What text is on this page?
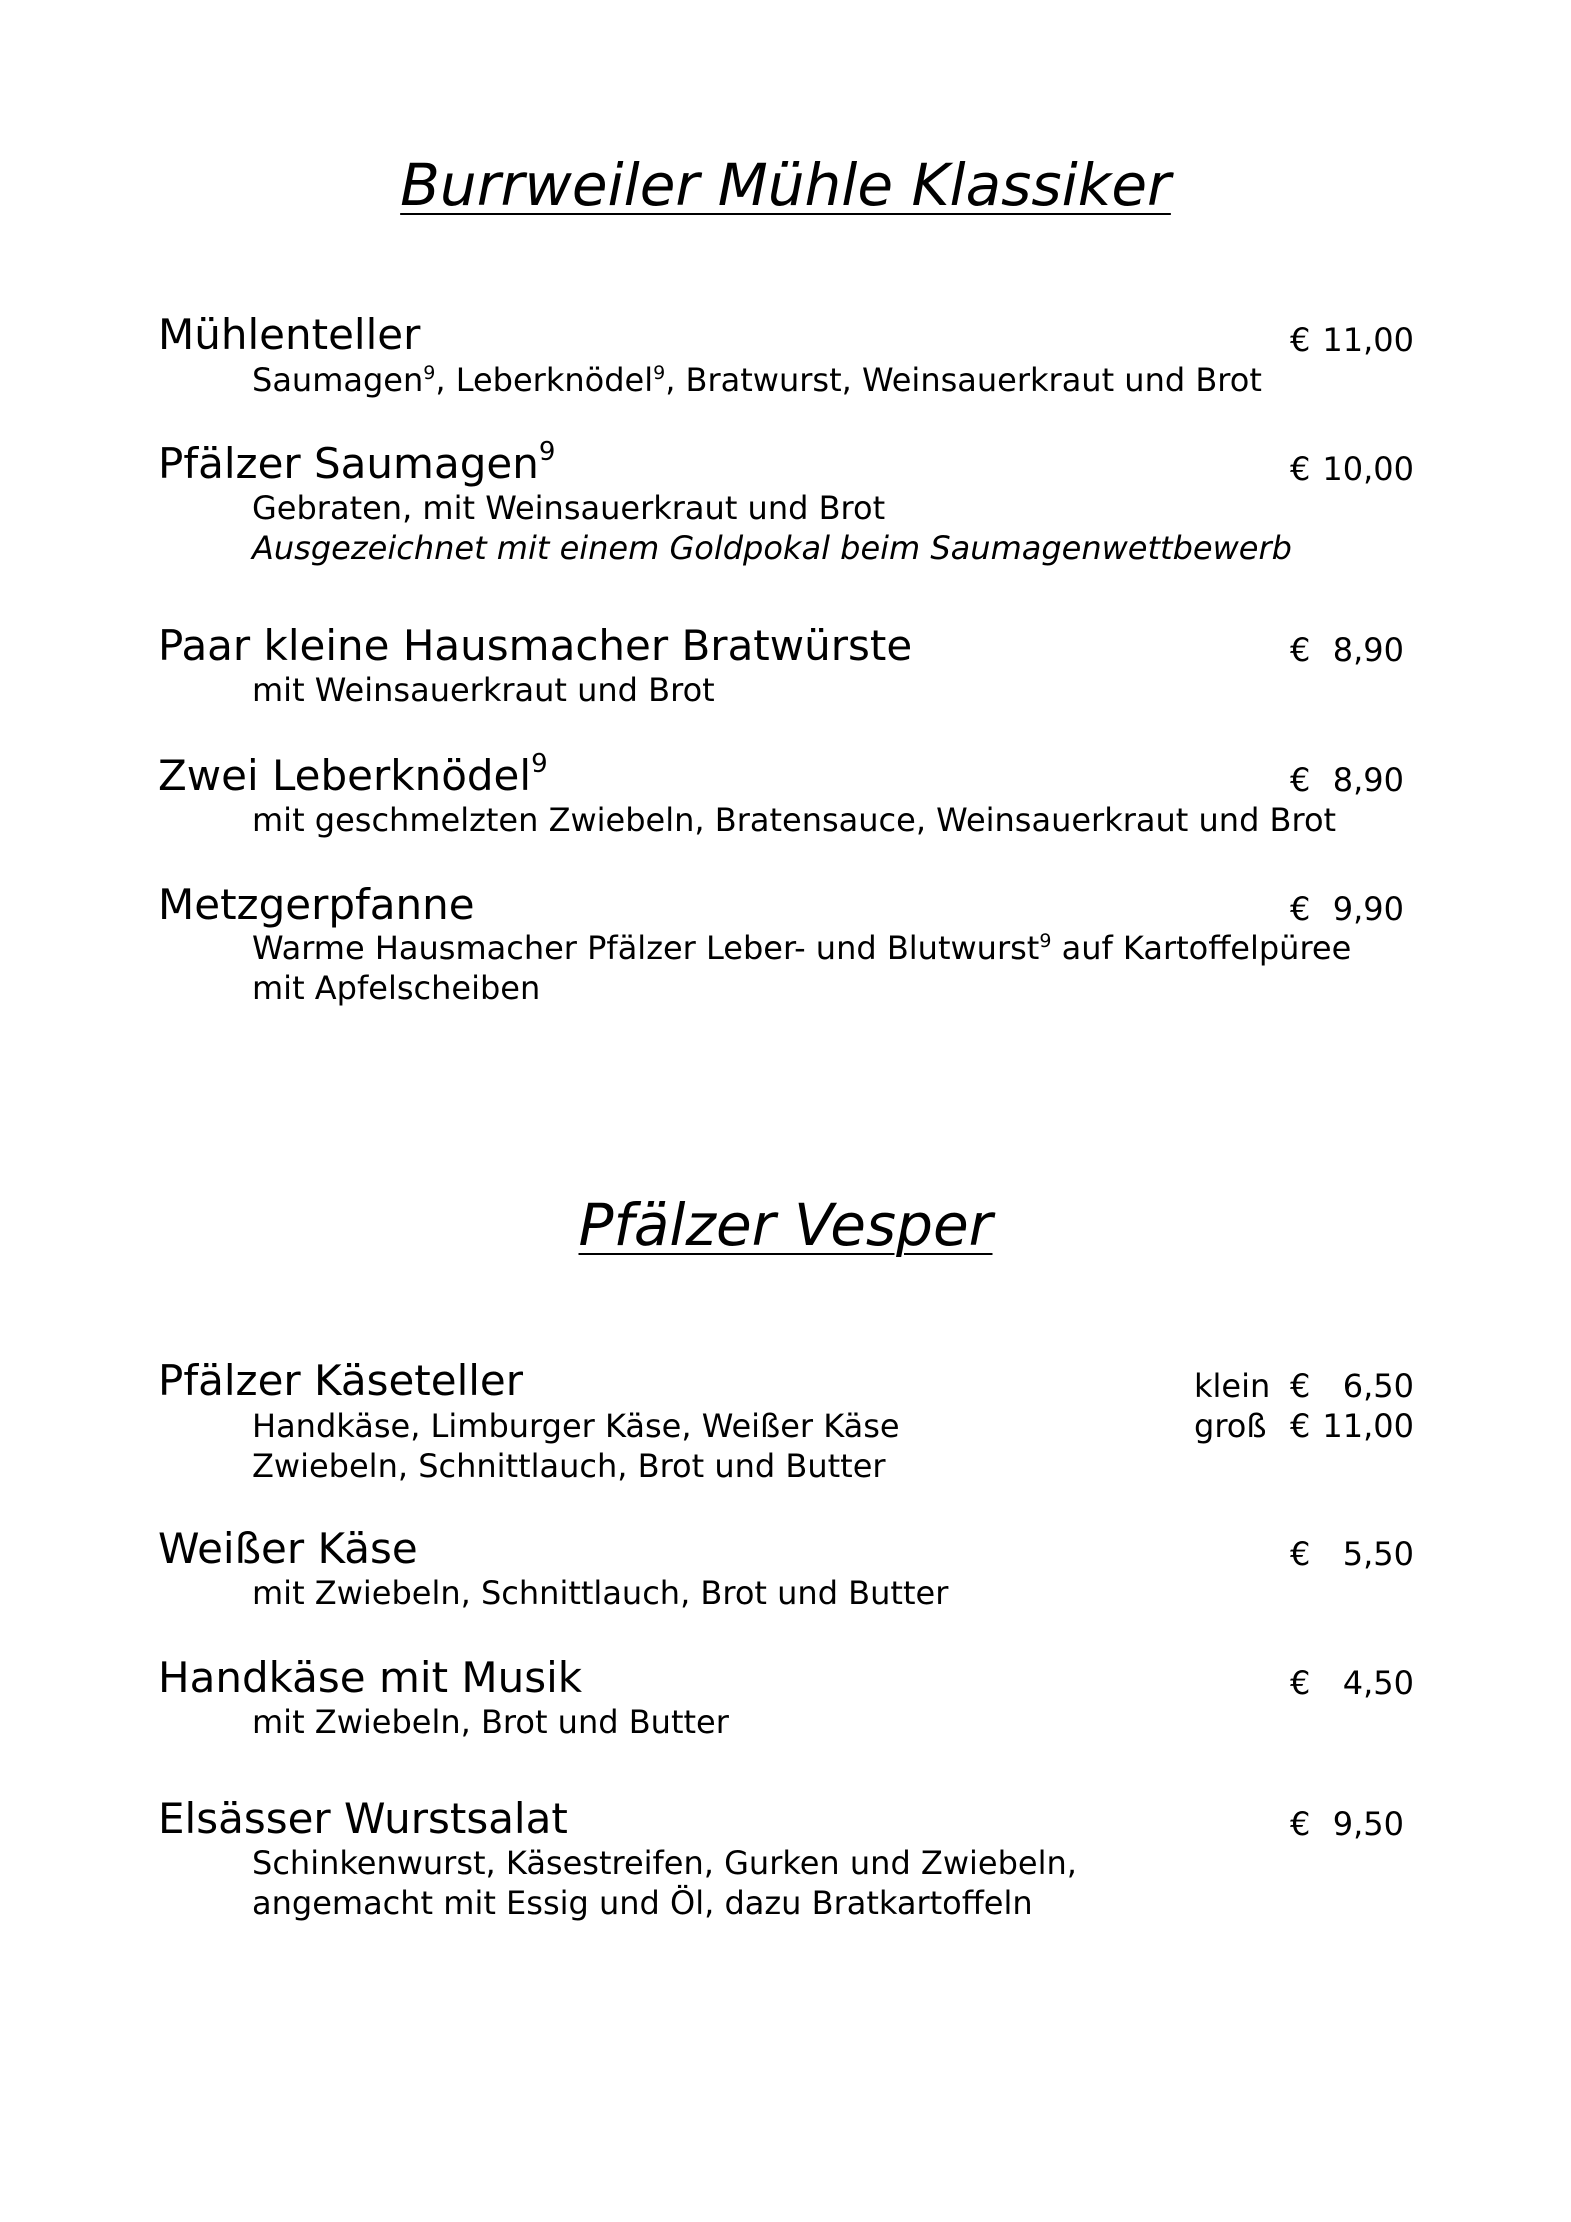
Burrweiler Mühle Klassiker
Mühlenteller	€ 11,00
Saumagen$^9$, Leberknödel$^9$, Bratwurst, Weinsauerkraut und Brot
Pfälzer Saumagen$^9$	€ 10,00
Gebraten, mit Weinsauerkraut und Brot
Ausgezeichnet mit einem Goldpokal beim Saumagenwettbewerb
Paar kleine Hausmacher Bratwürste	€ 8,90
mit Weinsauerkraut und Brot
Zwei Leberknödel$^9$	€ 8,90
mit geschmelzten Zwiebeln, Bratensauce, Weinsauerkraut und Brot
Metzgerpfanne	€ 9,90
Warme Hausmacher Pfälzer Leber- und Blutwurst$^9$ auf Kartoffelpüree
mit Apfelscheiben
Pfälzer Vesper
Pfälzer Käseteller	klein € 6,50
Handkäse, Limburger Käse, Weißer Käse	groß € 11,00
Zwiebeln, Schnittlauch, Brot und Butter
Weißer Käse	€ 5,50
mit Zwiebeln, Schnittlauch, Brot und Butter
Handkäse mit Musik	€ 4,50
mit Zwiebeln, Brot und Butter
Elsässer Wurstsalat	€ 9,50
Schinkenwurst, Käsestreifen, Gurken und Zwiebeln,
angemacht mit Essig und Öl, dazu Bratkartoffeln
